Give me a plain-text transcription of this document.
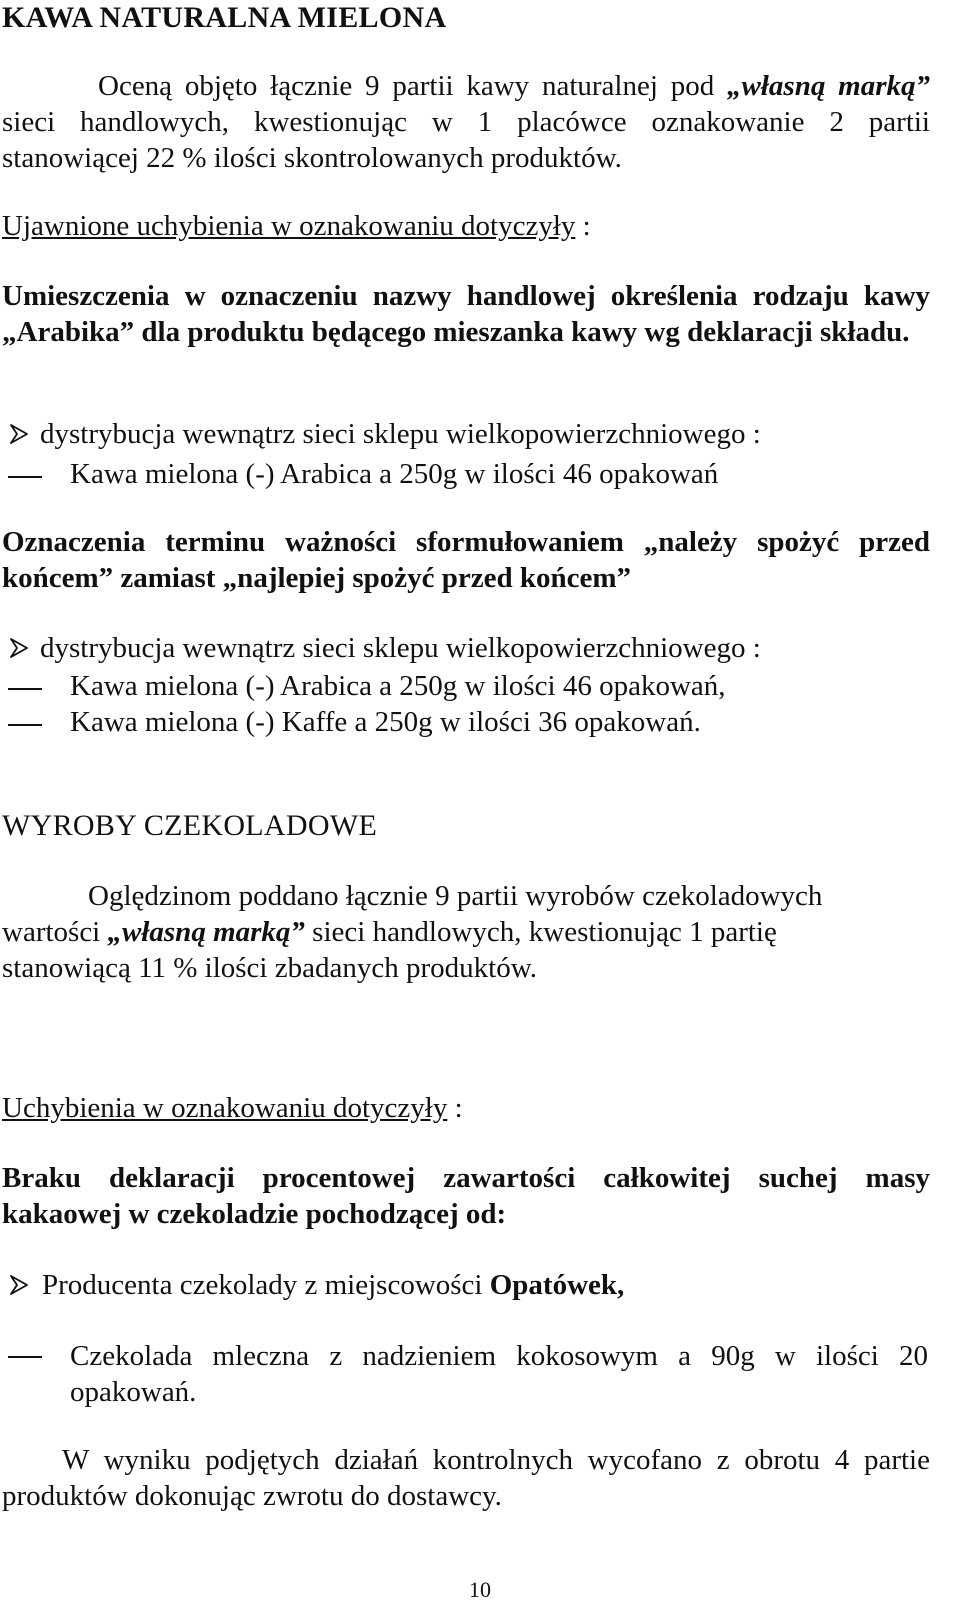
KAWA NATURALNA MIELONA

Oceną objęto łącznie 9 partii kawy naturalnej pod „własną marką” sieci handlowych, kwestionując w 1 placówce oznakowanie 2 partii stanowiącej 22 % ilości skontrolowanych produktów.

Ujawnione uchybienia w oznakowaniu dotyczyły :

Umieszczenia w oznaczeniu nazwy handlowej określenia rodzaju kawy „Arabika” dla produktu będącego mieszanka kawy wg deklaracji składu.

dystrybucja wewnątrz sieci sklepu wielkopowierzchniowego :
Kawa mielona (-) Arabica a 250g w ilości 46 opakowań

Oznaczenia terminu ważności sformułowaniem „należy spożyć przed końcem” zamiast „najlepiej spożyć przed końcem”

dystrybucja wewnątrz sieci sklepu wielkopowierzchniowego :
Kawa mielona (-) Arabica a 250g w ilości 46 opakowań,
Kawa mielona (-) Kaffe a 250g w ilości 36 opakowań.
WYROBY CZEKOLADOWE

Oględzinom poddano łącznie 9 partii wyrobów czekoladowych wartości „własną marką” sieci handlowych, kwestionując 1 partię stanowiącą 11 % ilości zbadanych produktów.

Uchybienia w oznakowaniu dotyczyły :

Braku deklaracji procentowej zawartości całkowitej suchej masy kakaowej w czekoladzie pochodzącej od:

Producenta czekolady z miejscowości Opatówek,

Czekolada mleczna z nadzieniem kokosowym a 90g w ilości 20 opakowań.

W wyniku podjętych działań kontrolnych wycofano z obrotu 4 partie produktów dokonując zwrotu do dostawcy.

10
